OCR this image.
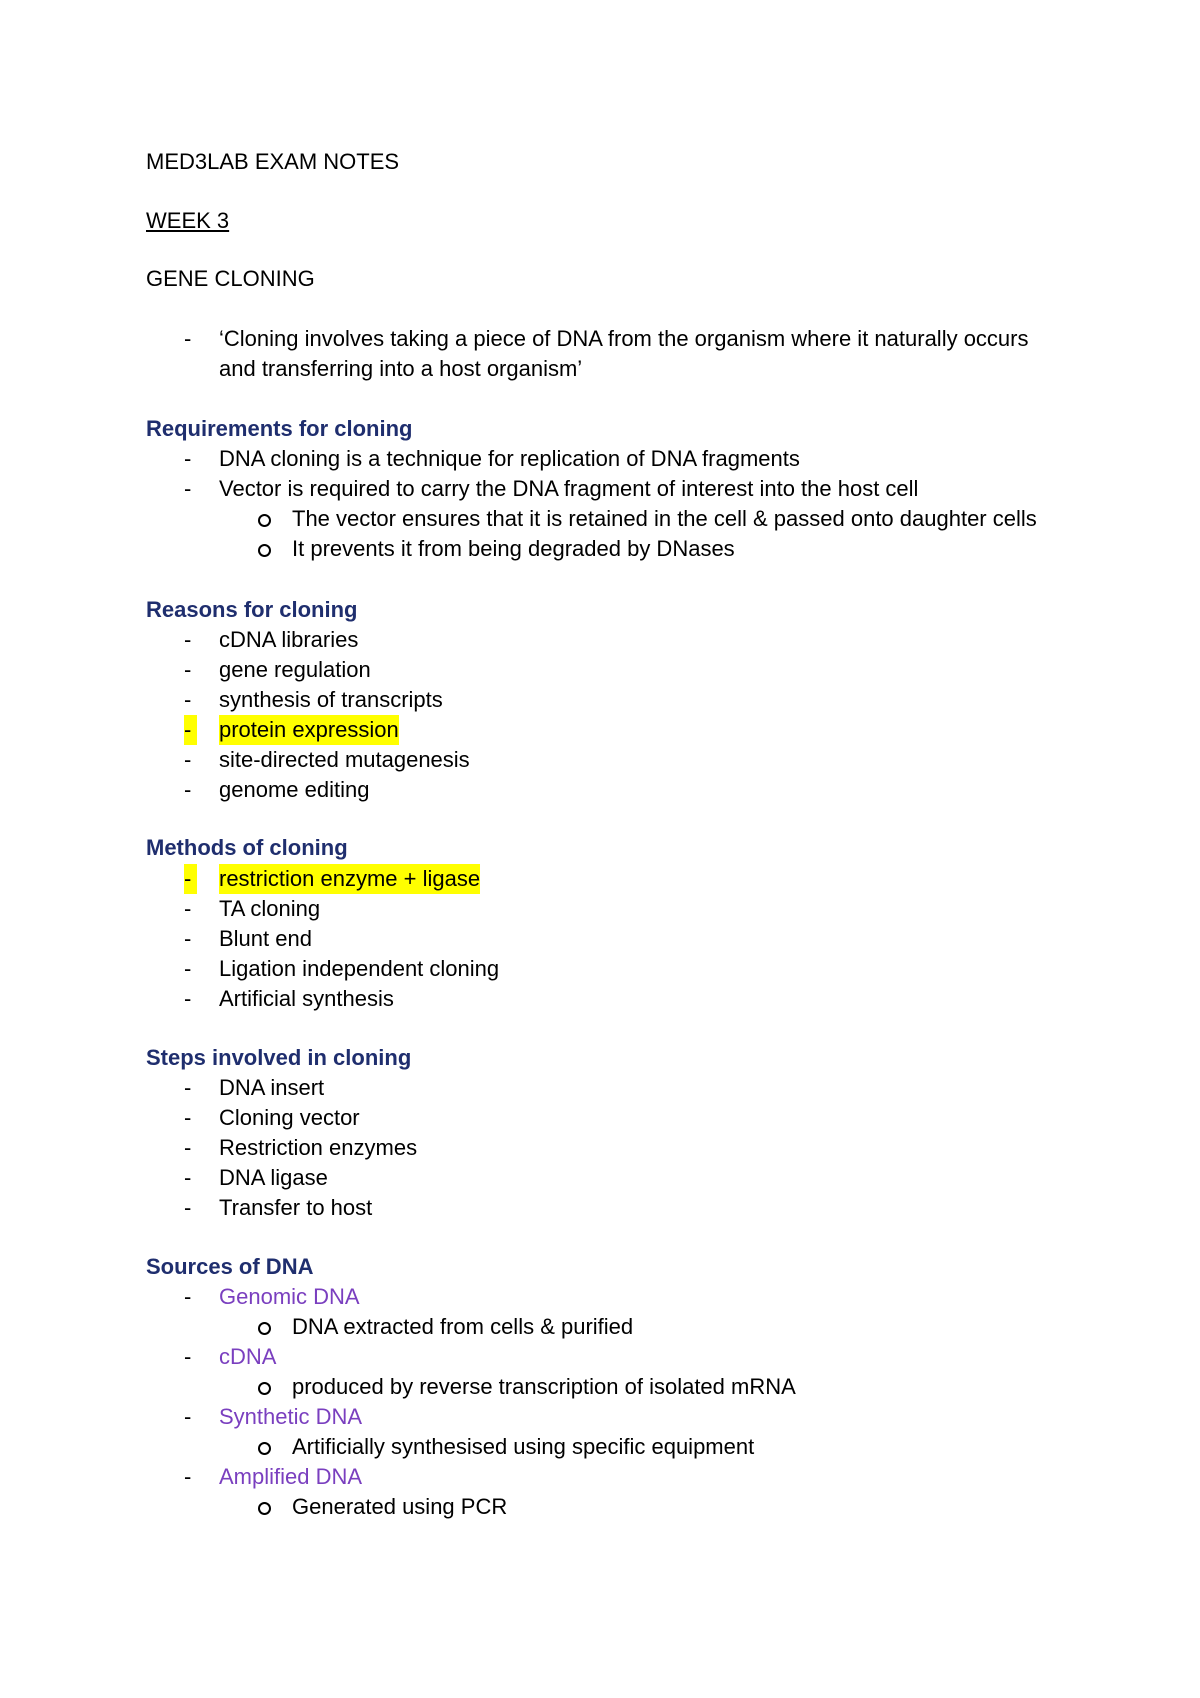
MED3LAB EXAM NOTES
WEEK 3
GENE CLONING
- ‘Cloning involves taking a piece of DNA from the organism where it naturally occurs
and transferring into a host organism’
Requirements for cloning
- DNA cloning is a technique for replication of DNA fragments
- Vector is required to carry the DNA fragment of interest into the host cell
The vector ensures that it is retained in the cell & passed onto daughter cells
It prevents it from being degraded by DNases
Reasons for cloning
- cDNA libraries
- gene regulation
- synthesis of transcripts
- protein expression
- site-directed mutagenesis
- genome editing
Methods of cloning
- restriction enzyme + ligase
- TA cloning
- Blunt end
- Ligation independent cloning
- Artificial synthesis
Steps involved in cloning
- DNA insert
- Cloning vector
- Restriction enzymes
- DNA ligase
- Transfer to host
Sources of DNA
- Genomic DNA
DNA extracted from cells & purified
- cDNA
produced by reverse transcription of isolated mRNA
- Synthetic DNA
Artificially synthesised using specific equipment
- Amplified DNA
Generated using PCR
